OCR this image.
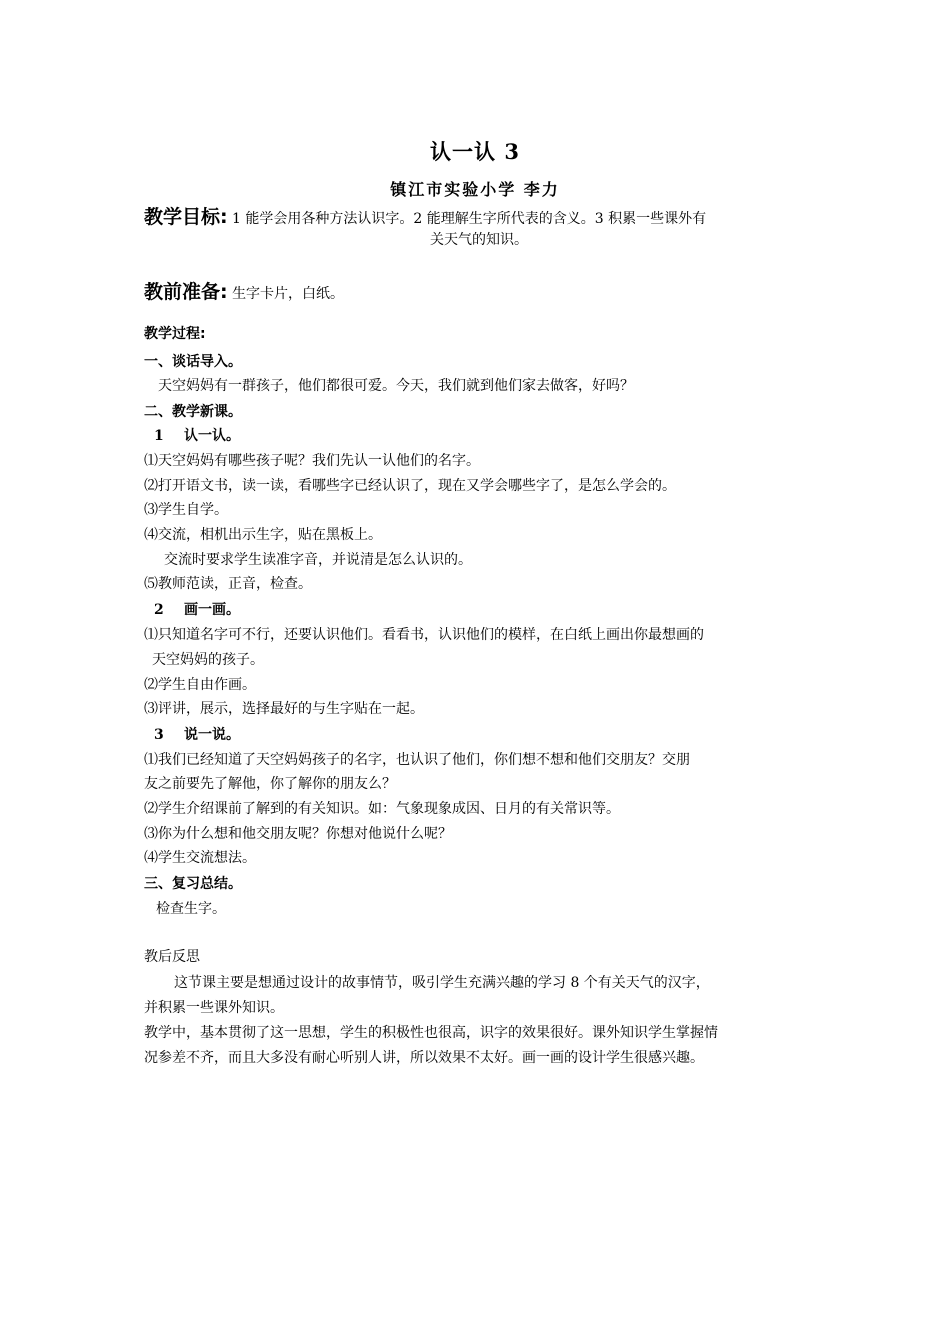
认一认 3
镇江市实验小学 李力
教学目标: 1 能学会用各种方法认识字。2 能理解生字所代表的含义。3 积累一些课外有
关天气的知识。
教前准备: 生字卡片，白纸。
教学过程:
一、谈话导入。
天空妈妈有一群孩子，他们都很可爱。今天，我们就到他们家去做客，好吗？
二、教学新课。
1 认一认。
⑴天空妈妈有哪些孩子呢？我们先认一认他们的名字。
⑵打开语文书，读一读，看哪些字已经认识了，现在又学会哪些字了，是怎么学会的。
⑶学生自学。
⑷交流，相机出示生字，贴在黑板上。
交流时要求学生读准字音，并说清是怎么认识的。
⑸教师范读，正音，检查。
2 画一画。
⑴只知道名字可不行，还要认识他们。看看书，认识他们的模样，在白纸上画出你最想画的
天空妈妈的孩子。
⑵学生自由作画。
⑶评讲，展示，选择最好的与生字贴在一起。
3 说一说。
⑴我们已经知道了天空妈妈孩子的名字，也认识了他们，你们想不想和他们交朋友？交朋
友之前要先了解他，你了解你的朋友么？
⑵学生介绍课前了解到的有关知识。如：气象现象成因、日月的有关常识等。
⑶你为什么想和他交朋友呢？你想对他说什么呢？
⑷学生交流想法。
三、复习总结。
检查生字。
教后反思
这节课主要是想通过设计的故事情节，吸引学生充满兴趣的学习 8 个有关天气的汉字，
并积累一些课外知识。
教学中，基本贯彻了这一思想，学生的积极性也很高，识字的效果很好。课外知识学生掌握情
况参差不齐，而且大多没有耐心听别人讲，所以效果不太好。画一画的设计学生很感兴趣。
